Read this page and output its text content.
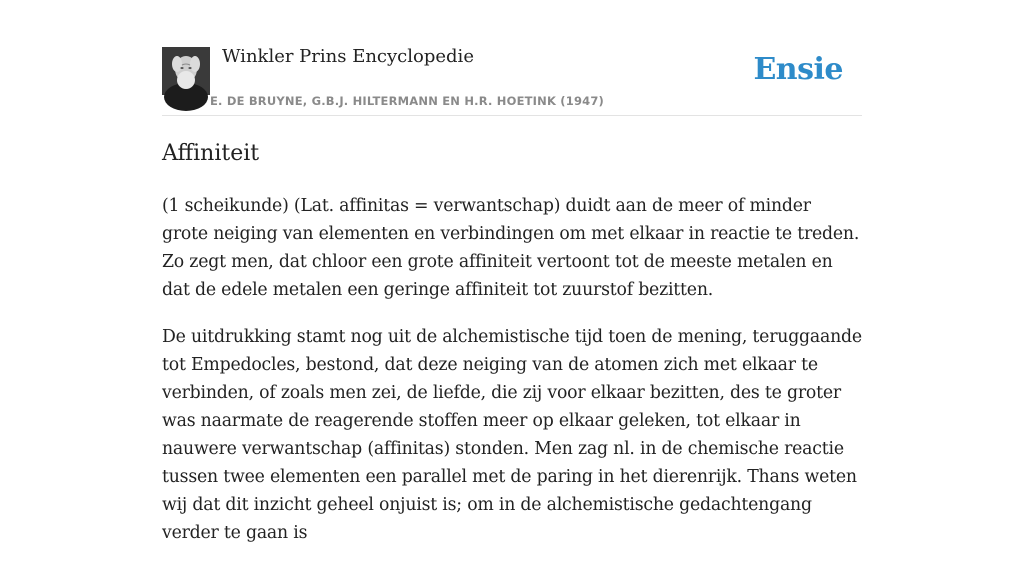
Winkler Prins Encyclopedie
E. DE BRUYNE, G.B.J. HILTERMANN EN H.R. HOETINK (1947)
Ensie
Affiniteit

(1 scheikunde) (Lat. affinitas = verwantschap) duidt aan de meer of minder grote neiging van elementen en verbindingen om met elkaar in reactie te treden. Zo zegt men, dat chloor een grote affiniteit vertoont tot de meeste metalen en dat de edele metalen een geringe affiniteit tot zuurstof bezitten.

De uitdrukking stamt nog uit de alchemistische tijd toen de mening, teruggaande tot Empedocles, bestond, dat deze neiging van de atomen zich met elkaar te verbinden, of zoals men zei, de liefde, die zij voor elkaar bezitten, des te groter was naarmate de reagerende stoffen meer op elkaar geleken, tot elkaar in nauwere verwantschap (affinitas) stonden. Men zag nl. in de chemische reactie tussen twee elementen een parallel met de paring in het dierenrijk. Thans weten wij dat dit inzicht geheel onjuist is; om in de alchemistische gedachtengang verder te gaan is
